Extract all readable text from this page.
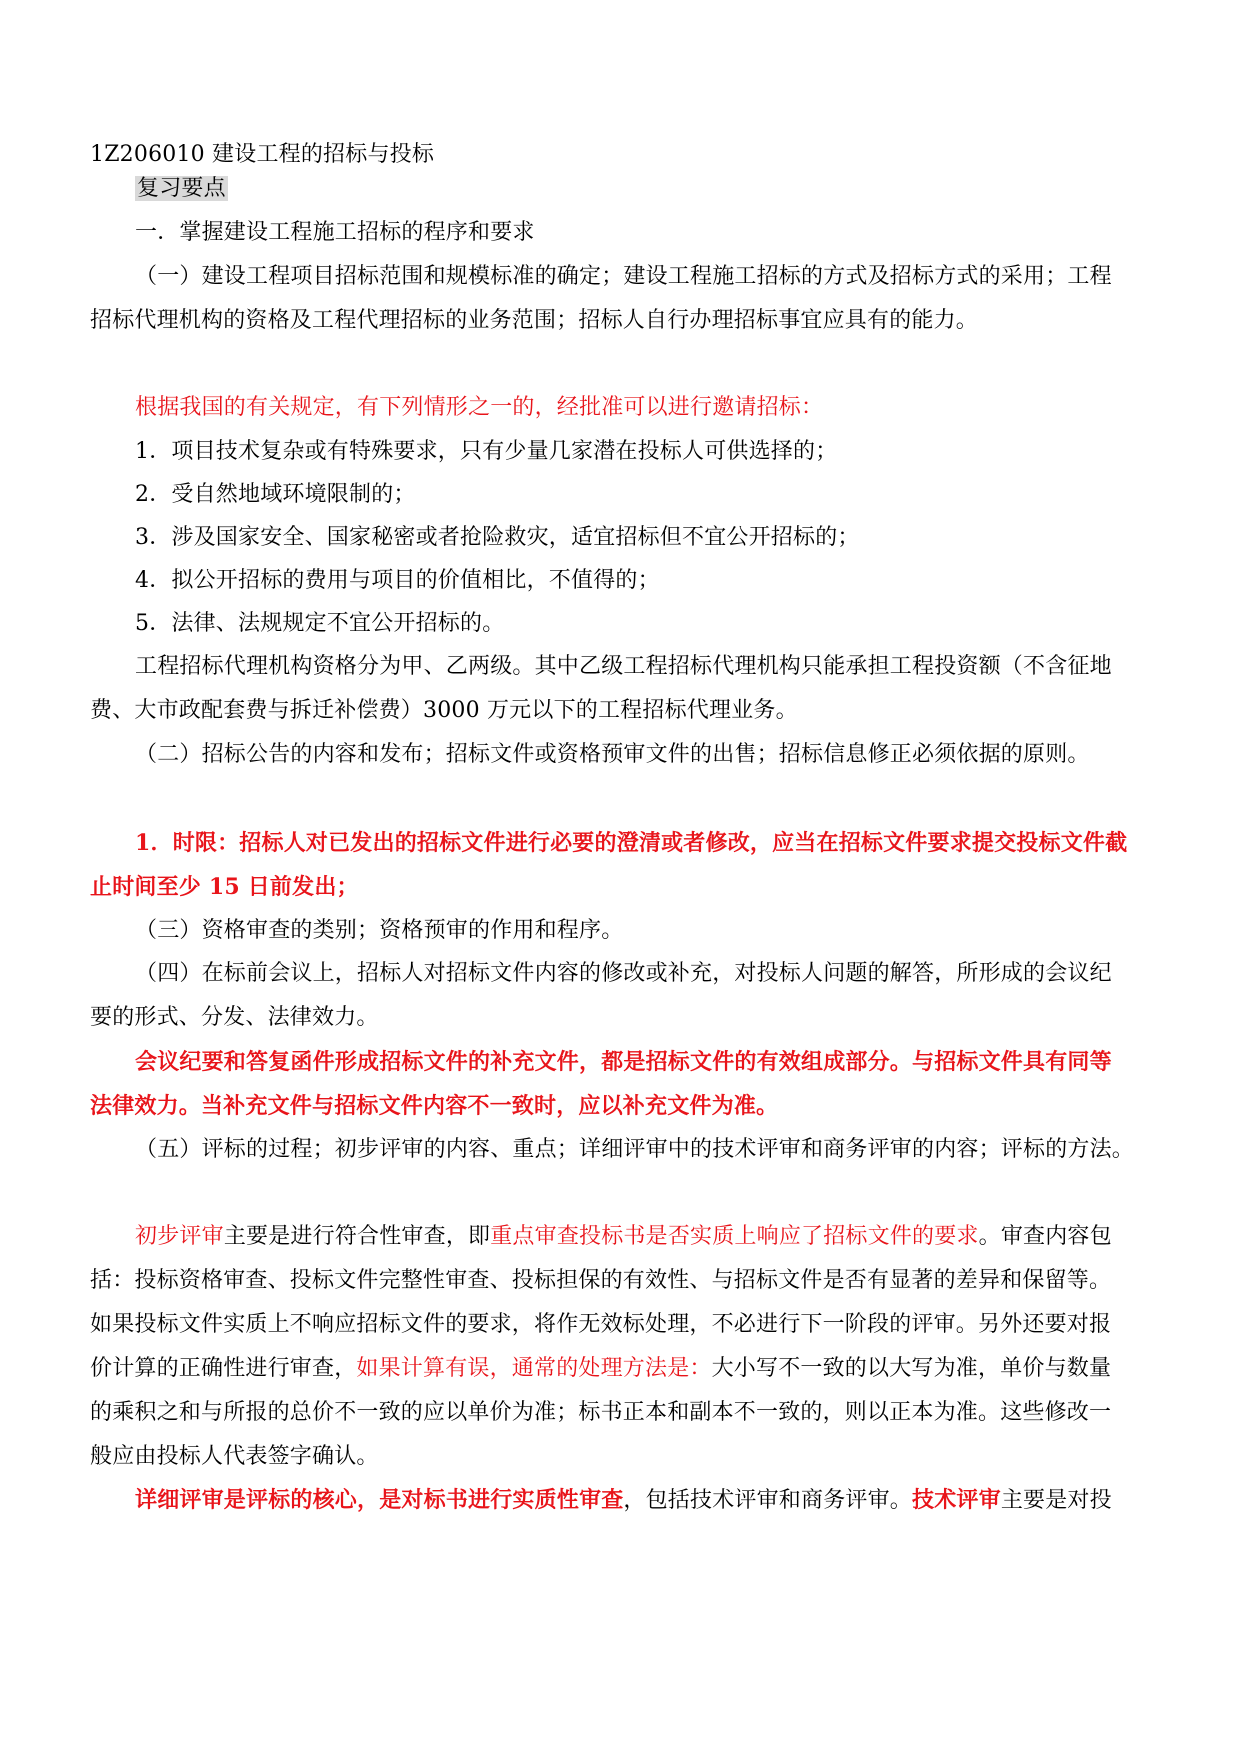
1Z206010 建设工程的招标与投标
复习要点
一．掌握建设工程施工招标的程序和要求
（一）建设工程项目招标范围和规模标准的确定；建设工程施工招标的方式及招标方式的采用；工程
招标代理机构的资格及工程代理招标的业务范围；招标人自行办理招标事宜应具有的能力。
根据我国的有关规定，有下列情形之一的，经批准可以进行邀请招标：
1．项目技术复杂或有特殊要求，只有少量几家潜在投标人可供选择的；
2．受自然地域环境限制的；
3．涉及国家安全、国家秘密或者抢险救灾，适宜招标但不宜公开招标的；
4．拟公开招标的费用与项目的价值相比，不值得的；
5．法律、法规规定不宜公开招标的。
工程招标代理机构资格分为甲、乙两级。其中乙级工程招标代理机构只能承担工程投资额（不含征地
费、大市政配套费与拆迁补偿费）3000 万元以下的工程招标代理业务。
（二）招标公告的内容和发布；招标文件或资格预审文件的出售；招标信息修正必须依据的原则。
1．时限：招标人对已发出的招标文件进行必要的澄清或者修改，应当在招标文件要求提交投标文件截
止时间至少 15 日前发出；
（三）资格审查的类别；资格预审的作用和程序。
（四）在标前会议上，招标人对招标文件内容的修改或补充，对投标人问题的解答，所形成的会议纪
要的形式、分发、法律效力。
会议纪要和答复函件形成招标文件的补充文件，都是招标文件的有效组成部分。与招标文件具有同等
法律效力。当补充文件与招标文件内容不一致时，应以补充文件为准。
（五）评标的过程；初步评审的内容、重点；详细评审中的技术评审和商务评审的内容；评标的方法。
初步评审主要是进行符合性审查，即重点审查投标书是否实质上响应了招标文件的要求。审查内容包
括：投标资格审查、投标文件完整性审查、投标担保的有效性、与招标文件是否有显著的差异和保留等。
如果投标文件实质上不响应招标文件的要求，将作无效标处理，不必进行下一阶段的评审。另外还要对报
价计算的正确性进行审查，如果计算有误，通常的处理方法是：大小写不一致的以大写为准，单价与数量
的乘积之和与所报的总价不一致的应以单价为准；标书正本和副本不一致的，则以正本为准。这些修改一
般应由投标人代表签字确认。
详细评审是评标的核心，是对标书进行实质性审查，包括技术评审和商务评审。技术评审主要是对投
